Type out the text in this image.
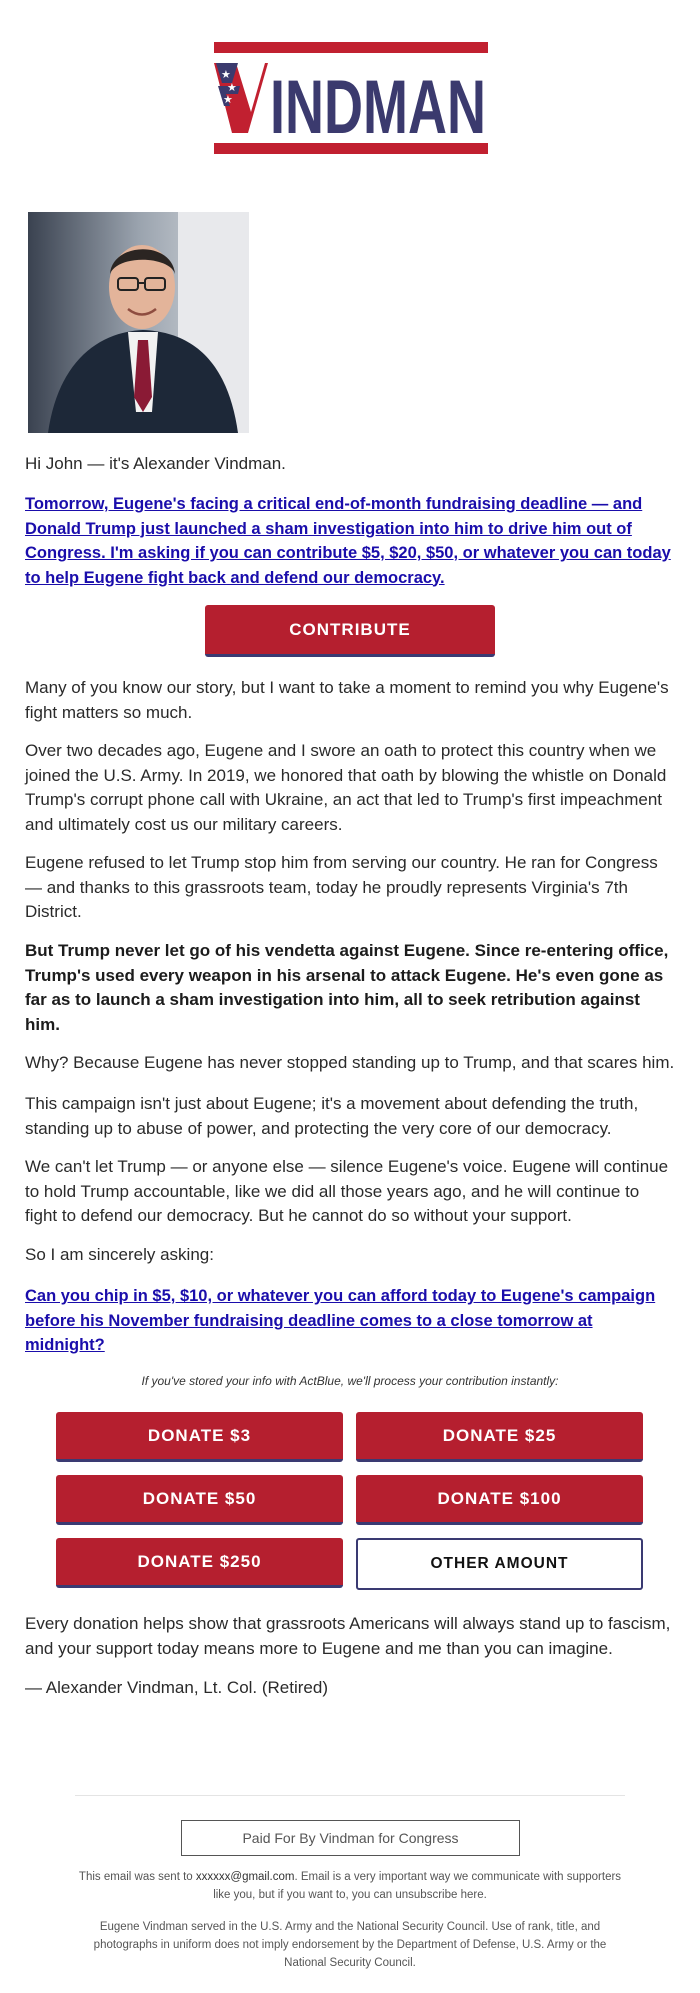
★
★
★ INDMAN

Hi John — it's Alexander Vindman.

Tomorrow, Eugene's facing a critical end-of-month fundraising deadline — and Donald Trump just launched a sham investigation into him to drive him out of Congress. I'm asking if you can contribute $5, $20, $50, or whatever you can today to help Eugene fight back and defend our democracy.
CONTRIBUTE

Many of you know our story, but I want to take a moment to remind you why Eugene's fight matters so much.

Over two decades ago, Eugene and I swore an oath to protect this country when we joined the U.S. Army. In 2019, we honored that oath by blowing the whistle on Donald Trump's corrupt phone call with Ukraine, an act that led to Trump's first impeachment and ultimately cost us our military careers.

Eugene refused to let Trump stop him from serving our country. He ran for Congress — and thanks to this grassroots team, today he proudly represents Virginia's 7th District.

But Trump never let go of his vendetta against Eugene. Since re-entering office, Trump's used every weapon in his arsenal to attack Eugene. He's even gone as far as to launch a sham investigation into him, all to seek retribution against him.

Why? Because Eugene has never stopped standing up to Trump, and that scares him.

This campaign isn't just about Eugene; it's a movement about defending the truth, standing up to abuse of power, and protecting the very core of our democracy.

We can't let Trump — or anyone else — silence Eugene's voice. Eugene will continue to hold Trump accountable, like we did all those years ago, and he will continue to fight to defend our democracy. But he cannot do so without your support.

So I am sincerely asking:

Can you chip in $5, $10, or whatever you can afford today to Eugene's campaign before his November fundraising deadline comes to a close tomorrow at midnight?
If you've stored your info with ActBlue, we'll process your contribution instantly:
DONATE $3	DONATE $25
DONATE $50	DONATE $100
DONATE $250	OTHER AMOUNT

Every donation helps show that grassroots Americans will always stand up to fascism, and your support today means more to Eugene and me than you can imagine.

— Alexander Vindman, Lt. Col. (Retired)

Paid For By Vindman for Congress
This email was sent to xxxxxx@gmail.com. Email is a very important way we communicate with supporters like you, but if you want to, you can unsubscribe here.
Eugene Vindman served in the U.S. Army and the National Security Council. Use of rank, title, and photographs in uniform does not imply endorsement by the Department of Defense, U.S. Army or the National Security Council.
